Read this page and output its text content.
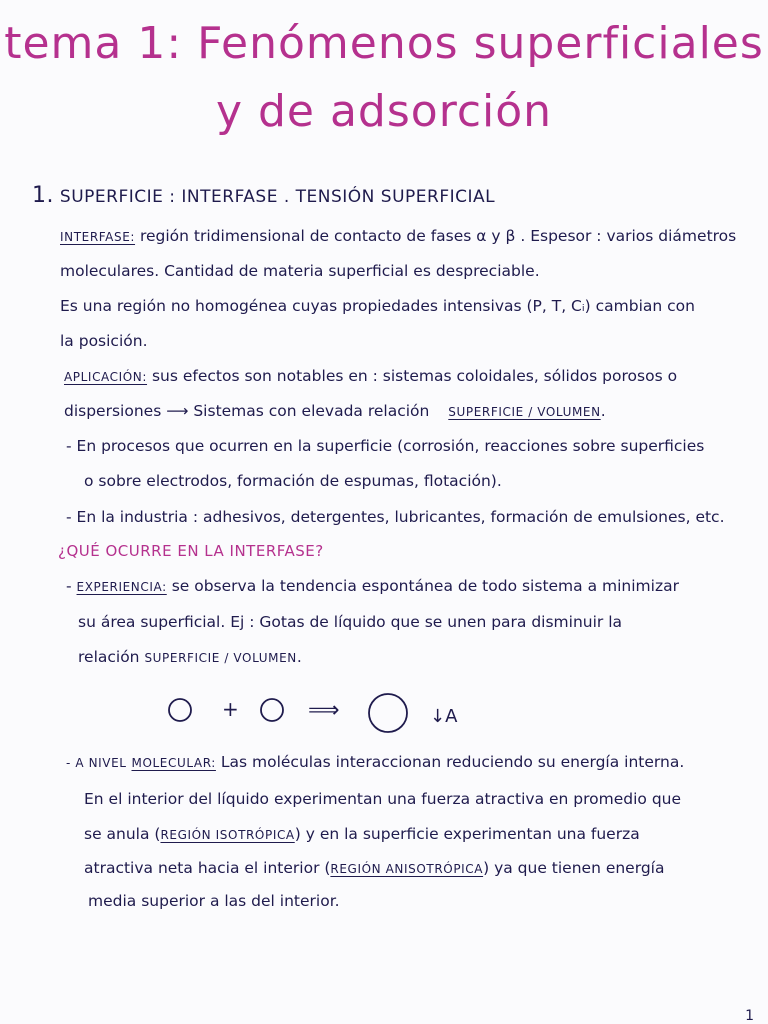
tema 1: Fenómenos superficiales
y de adsorción
1. SUPERFICIE : INTERFASE . TENSIÓN SUPERFICIAL
INTERFASE: región tridimensional de contacto de fases α y β . Espesor : varios diámetros
moleculares. Cantidad de materia superficial es despreciable.
Es una región no homogénea cuyas propiedades intensivas (P, T, Cᵢ) cambian con
la posición.
APLICACIÓN: sus efectos son notables en : sistemas coloidales, sólidos porosos o
dispersiones ⟶ Sistemas con elevada relación SUPERFICIE / VOLUMEN.
- En procesos que ocurren en la superficie (corrosión, reacciones sobre superficies
o sobre electrodos, formación de espumas, flotación).
- En la industria : adhesivos, detergentes, lubricantes, formación de emulsiones, etc.
¿QUÉ OCURRE EN LA INTERFASE?
- EXPERIENCIA: se observa la tendencia espontánea de todo sistema a minimizar
su área superficial. Ej : Gotas de líquido que se unen para disminuir la
relación SUPERFICIE / VOLUMEN.
+	⟹	↓A
- A NIVEL MOLECULAR: Las moléculas interaccionan reduciendo su energía interna.
En el interior del líquido experimentan una fuerza atractiva en promedio que
se anula (REGIÓN ISOTRÓPICA) y en la superficie experimentan una fuerza
atractiva neta hacia el interior (REGIÓN ANISOTRÓPICA) ya que tienen energía
media superior a las del interior.
1
